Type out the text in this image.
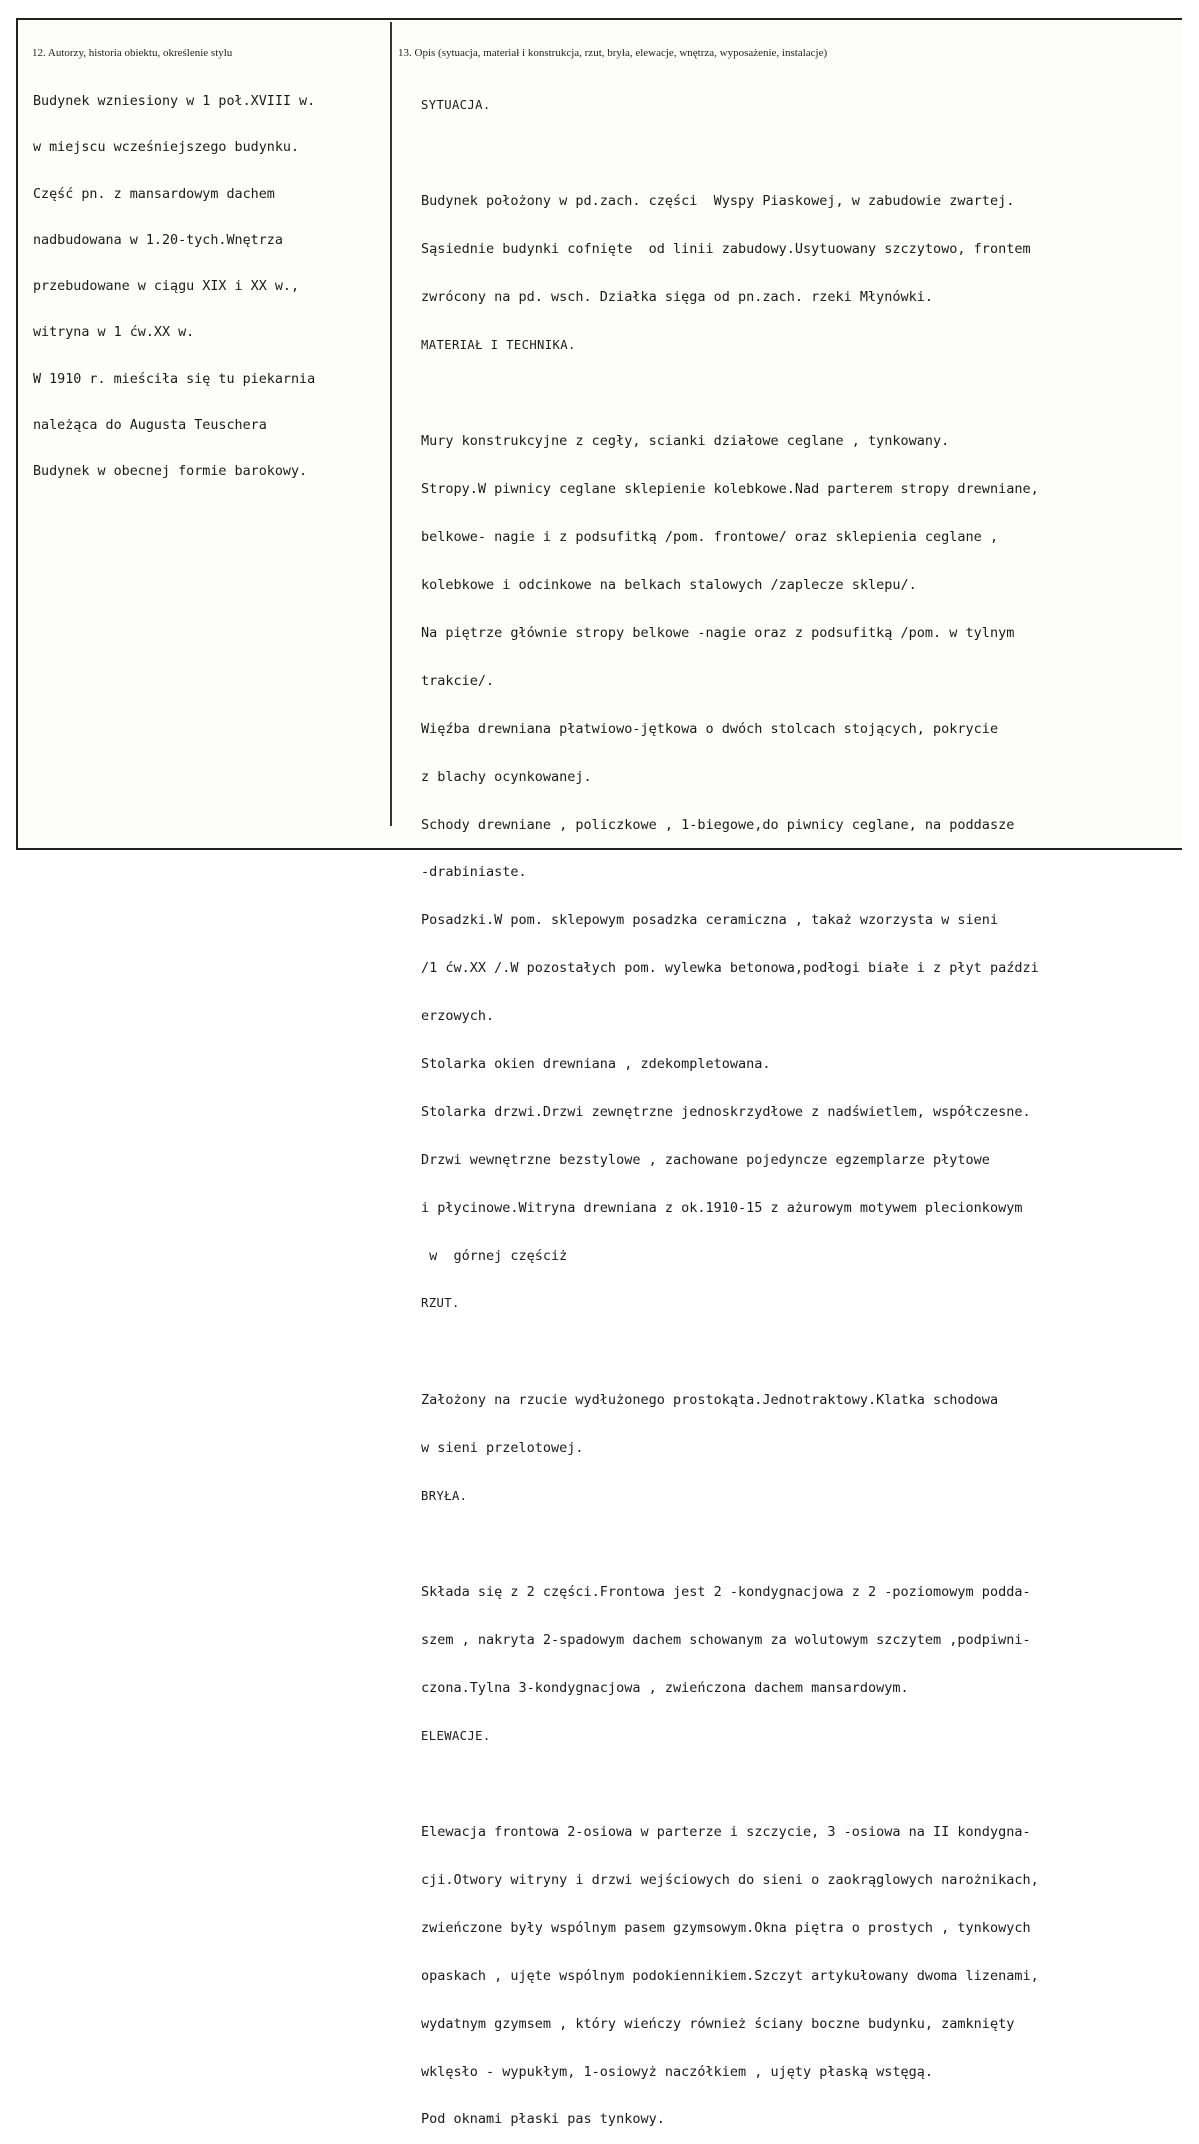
12. Autorzy, historia obiektu, określenie stylu	13. Opis (sytuacja, materiał i konstrukcja, rzut, bryła, elewacje, wnętrza, wyposażenie, instalacje)

Budynek wzniesiony w 1 poł.XVIII w.

w miejscu wcześniejszego budynku.

Część pn. z mansardowym dachem

nadbudowana w 1.20-tych.Wnętrza

przebudowane w ciągu XIX i XX w.,

witryna w 1 ćw.XX w.

W 1910 r. mieściła się tu piekarnia

należąca do Augusta Teuschera

Budynek w obecnej formie barokowy.

SYTUACJA.

Budynek położony w pd.zach. części  Wyspy Piaskowej, w zabudowie zwartej.

Sąsiednie budynki cofnięte  od linii zabudowy.Usytuowany szczytowo, frontem

zwrócony na pd. wsch. Działka sięga od pn.zach. rzeki Młynówki.

MATERIAŁ I TECHNIKA.

Mury konstrukcyjne z cegły, scianki działowe ceglane , tynkowany.

Stropy.W piwnicy ceglane sklepienie kolebkowe.Nad parterem stropy drewniane,

belkowe- nagie i z podsufitką /pom. frontowe/ oraz sklepienia ceglane ,

kolebkowe i odcinkowe na belkach stalowych /zaplecze sklepu/.

Na piętrze głównie stropy belkowe -nagie oraz z podsufitką /pom. w tylnym

trakcie/.

Więźba drewniana płatwiowo-jętkowa o dwóch stolcach stojących, pokrycie

z blachy ocynkowanej.

Schody drewniane , policzkowe , 1-biegowe,do piwnicy ceglane, na poddasze

-drabiniaste.

Posadzki.W pom. sklepowym posadzka ceramiczna , takaż wzorzysta w sieni

/1 ćw.XX /.W pozostałych pom. wylewka betonowa,podłogi białe i z płyt paździ

erzowych.

Stolarka okien drewniana , zdekompletowana.

Stolarka drzwi.Drzwi zewnętrzne jednoskrzydłowe z nadświetlem, współczesne.

Drzwi wewnętrzne bezstylowe , zachowane pojedyncze egzemplarze płytowe

i płycinowe.Witryna drewniana z ok.1910-15 z ażurowym motywem plecionkowym

w  górnej częściż

RZUT.

Założony na rzucie wydłużonego prostokąta.Jednotraktowy.Klatka schodowa

w sieni przelotowej.

BRYŁA.

Składa się z 2 części.Frontowa jest 2 -kondygnacjowa z 2 -poziomowym podda-

szem , nakryta 2-spadowym dachem schowanym za wolutowym szczytem ,podpiwni-

czona.Tylna 3-kondygnacjowa , zwieńczona dachem mansardowym.

ELEWACJE.

Elewacja frontowa 2-osiowa w parterze i szczycie, 3 -osiowa na II kondygna-

cji.Otwory witryny i drzwi wejściowych do sieni o zaokrąglowych narożnikach,

zwieńczone były wspólnym pasem gzymsowym.Okna piętra o prostych , tynkowych

opaskach , ujęte wspólnym podokiennikiem.Szczyt artykułowany dwoma lizenami,

wydatnym gzymsem , który wieńczy również ściany boczne budynku, zamknięty

wklęsło - wypukłym, 1-osiowyż naczółkiem , ujęty płaską wstęgą.

Pod oknami płaski pas tynkowy.
